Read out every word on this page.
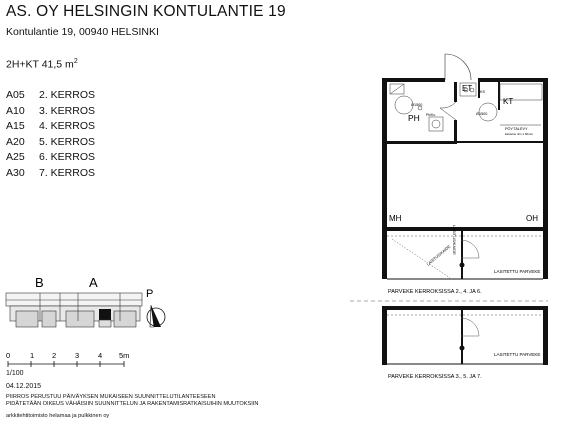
AS. OY HELSINGIN KONTULANTIE 19
Kontulantie 19, 00940 HELSINKI
2H+KT 41,5 $m^2$
A05	2. KERROS
A10	3. KERROS
A15	4. KERROS
A20	5. KERROS
A25	6. KERROS
A30	7. KERROS
B	A
P
0	1 2	3	4 5m
ET
KT
PH
MH	OH
Ø1500
Ø1500
Pk/Ko
KS
PÖYTÄLEVY
kalustus niin 1 60mm
LASITUS/KAIDE
LASITUS/KAIDE
LASITETTU PARVEKE
PARVEKE KERROKSISSA 2., 4. JA 6.
LASITETTU PARVEKE
PARVEKE KERROKSISSA 3., 5. JA 7.
1/100
04.12.2015
PIIRROS PERUSTUU PÄIVÄYKSEN MUKAISEEN SUUNNITTELUTILANTEESEEN
PIDÄTETÄÄN OIKEUS VÄHÄISIIN SUUNNITTELUN JA RAKENTAMISRATKAISUIHIN MUUTOKSIIN
arkkitehtitoimisto helamaa ja pulkkinen oy
